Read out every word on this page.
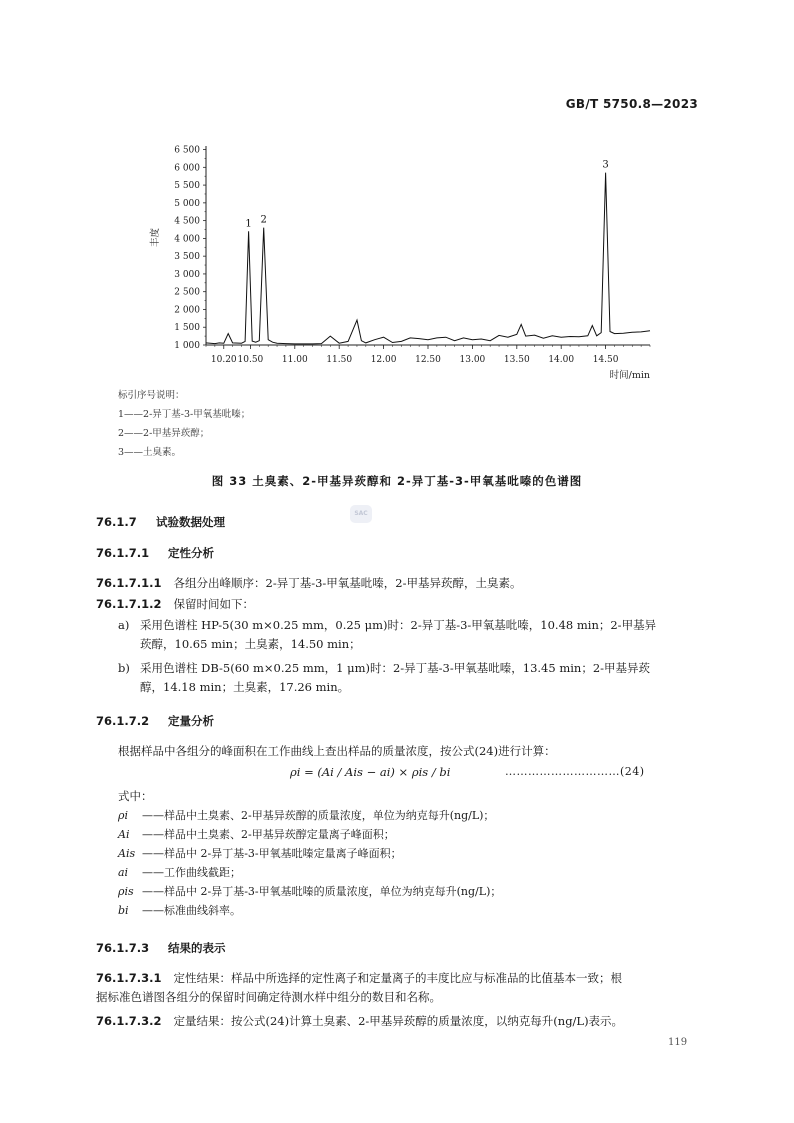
GB/T 5750.8—2023
1 000
1 500
2 000
2 500
3 000
3 500
4 000
4 500
5 000
5 500
6 000
6 500
10.20 10.50 11.00 11.50 12.00 12.50 13.00 13.50 14.00 14.50
丰度
时间/min
1 2
3
标引序号说明：
1——2-异丁基-3-甲氧基吡嗪；
2——2-甲基异莰醇；
3——土臭素。
图 33 土臭素、2-甲基异莰醇和 2-异丁基-3-甲氧基吡嗪的色谱图
SAC
76.1.7 试验数据处理
76.1.7.1 定性分析
76.1.7.1.1 各组分出峰顺序：2-异丁基-3-甲氧基吡嗪，2-甲基异莰醇，土臭素。
76.1.7.1.2 保留时间如下：
a) 采用色谱柱 HP-5(30 m×0.25 mm，0.25 μm)时：2-异丁基-3-甲氧基吡嗪，10.48 min；2-甲基异
莰醇，10.65 min；土臭素，14.50 min；
b) 采用色谱柱 DB-5(60 m×0.25 mm，1 μm)时：2-异丁基-3-甲氧基吡嗪，13.45 min；2-甲基异莰
醇，14.18 min；土臭素，17.26 min。
76.1.7.2 定量分析
根据样品中各组分的峰面积在工作曲线上查出样品的质量浓度，按公式(24)进行计算：
ρi = (Ai / Ais − ai) × ρis / bi	…………………………(24)
式中：
ρi ——样品中土臭素、2-甲基异莰醇的质量浓度，单位为纳克每升(ng/L)；
Ai ——样品中土臭素、2-甲基异莰醇定量离子峰面积；
Ais ——样品中 2-异丁基-3-甲氧基吡嗪定量离子峰面积；
ai ——工作曲线截距；
ρis ——样品中 2-异丁基-3-甲氧基吡嗪的质量浓度，单位为纳克每升(ng/L)；
bi ——标准曲线斜率。
76.1.7.3 结果的表示
76.1.7.3.1 定性结果：样品中所选择的定性离子和定量离子的丰度比应与标准品的比值基本一致；根
据标准色谱图各组分的保留时间确定待测水样中组分的数目和名称。
76.1.7.3.2 定量结果：按公式(24)计算土臭素、2-甲基异莰醇的质量浓度，以纳克每升(ng/L)表示。
119
